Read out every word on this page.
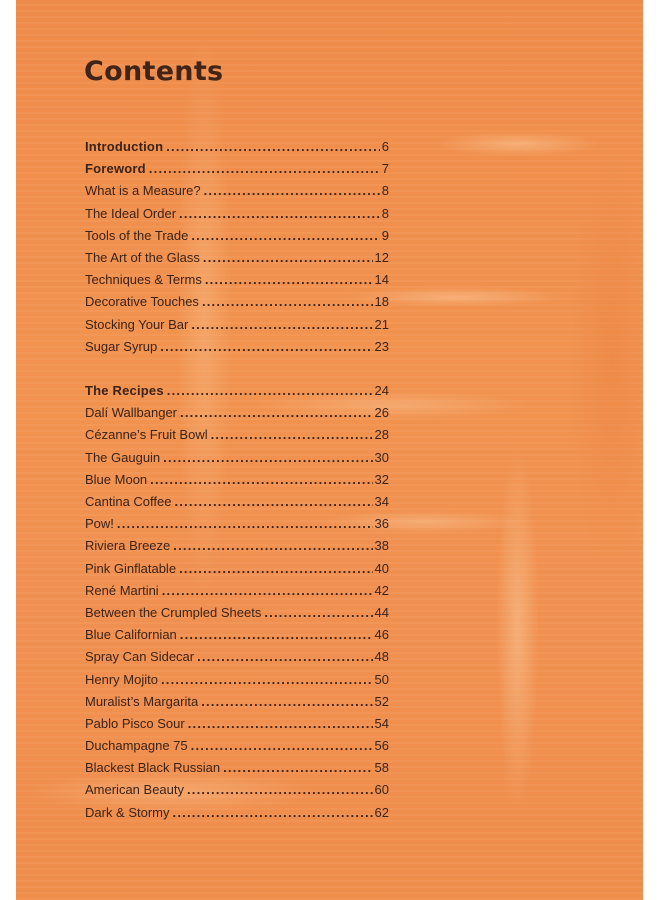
Contents
Introduction .....	6
Foreword .....	7
What is a Measure? .....	8
The Ideal Order .....	8
Tools of the Trade .....	9
The Art of the Glass .....	12
Techniques & Terms .....	14
Decorative Touches .....	18
Stocking Your Bar .....	21
Sugar Syrup .....	23
The Recipes .....	24
Dalí Wallbanger .....	26
Cézanne’s Fruit Bowl .....	28
The Gauguin .....	30
Blue Moon .....	32
Cantina Coffee .....	34
Pow! .....	36
Riviera Breeze .....	38
Pink Ginflatable .....	40
René Martini .....	42
Between the Crumpled Sheets .....	44
Blue Californian .....	46
Spray Can Sidecar .....	48
Henry Mojito .....	50
Muralist’s Margarita .....	52
Pablo Pisco Sour .....	54
Duchampagne 75 .....	56
Blackest Black Russian .....	58
American Beauty .....	60
Dark & Stormy .....	62
